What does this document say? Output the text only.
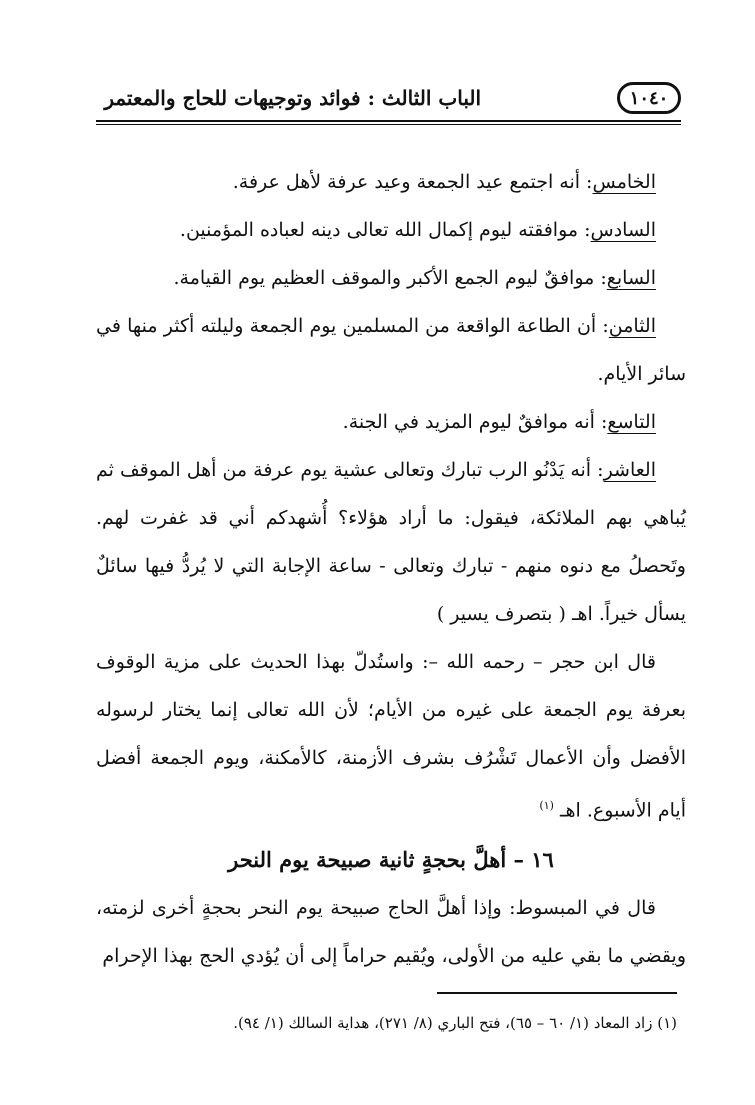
الباب الثالث : فوائد وتوجيهات للحاج والمعتمر	١٠٤٠

الخامس: أنه اجتمع عيد الجمعة وعيد عرفة لأهل عرفة.

السادس: موافقته ليوم إكمال الله تعالى دينه لعباده المؤمنين.

السابع: موافقٌ ليوم الجمع الأكبر والموقف العظيم يوم القيامة.

الثامن: أن الطاعة الواقعة من المسلمين يوم الجمعة وليلته أكثر منها في سائر الأيام.

التاسع: أنه موافقٌ ليوم المزيد في الجنة.

العاشر: أنه يَدْنُو الرب تبارك وتعالى عشية يوم عرفة من أهل الموقف ثم يُباهي بهم الملائكة، فيقول: ما أراد هؤلاء؟ أُشهدكم أني قد غفرت لهم. وتَحصلُ مع دنوه منهم - تبارك وتعالى - ساعة الإجابة التي لا يُردُّ فيها سائلٌ يسأل خيراً. اهـ ( بتصرف يسير )

قال ابن حجر – رحمه الله –: واستُدلّ بهذا الحديث على مزية الوقوف بعرفة يوم الجمعة على غيره من الأيام؛ لأن الله تعالى إنما يختار لرسوله الأفضل وأن الأعمال تَشْرُف بشرف الأزمنة، كالأمكنة، ويوم الجمعة أفضل أيام الأسبوع. اهـ $^{(١)}$

١٦ – أهلَّ بحجةٍ ثانية صبيحة يوم النحر

قال في المبسوط: وإذا أهلَّ الحاج صبيحة يوم النحر بحجةٍ أخرى لزمته، ويقضي ما بقي عليه من الأولى، ويُقيم حراماً إلى أن يُؤدي الحج بهذا الإحرام

(١) زاد المعاد (١/ ٦٠ – ٦٥)، فتح الباري (٨/ ٢٧١)، هداية السالك (١/ ٩٤).
